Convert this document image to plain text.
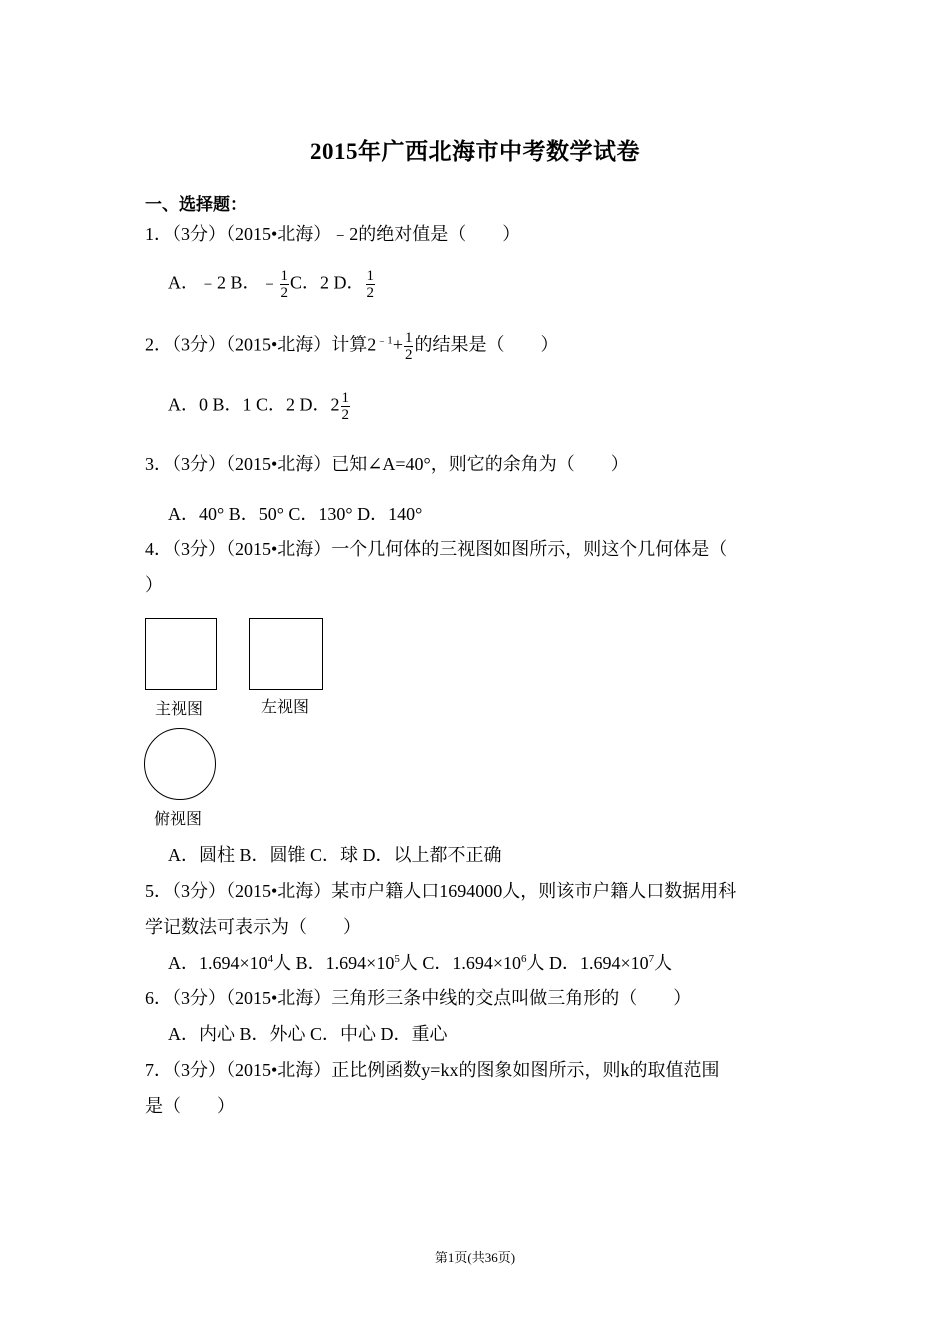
2015年广西北海市中考数学试卷
一、选择题：
1．（3分）（2015•北海）﹣2的绝对值是（　　）
A．﹣2 B．﹣ $\frac{1}{2}$ C．2 D． $\frac{1}{2}$
2．（3分）（2015•北海）计算$2^{﹣1}+ \frac{1}{2}$ 的结果是（　　）
A．0 B．1 C．2 D．$2 \frac{1}{2}$
3．（3分）（2015•北海）已知∠A=40°，则它的余角为（　　）
A．40° B．50° C．130° D．140°
4．（3分）（2015•北海）一个几何体的三视图如图所示，则这个几何体是（
）
主视图	左视图
俯视图
A．圆柱 B．圆锥 C．球 D．以上都不正确
5．（3分）（2015•北海）某市户籍人口1694000人，则该市户籍人口数据用科
学记数法可表示为（　　）
A．$1.694\times 10^4$人 B．$1.694\times 10^5$人 C．$1.694\times 10^6$人 D．$1.694\times 10^7$人
6．（3分）（2015•北海）三角形三条中线的交点叫做三角形的（　　）
A．内心 B．外心 C．中心 D．重心
7．（3分）（2015•北海）正比例函数y=kx的图象如图所示，则k的取值范围
是（　　）
第1页(共36页)
